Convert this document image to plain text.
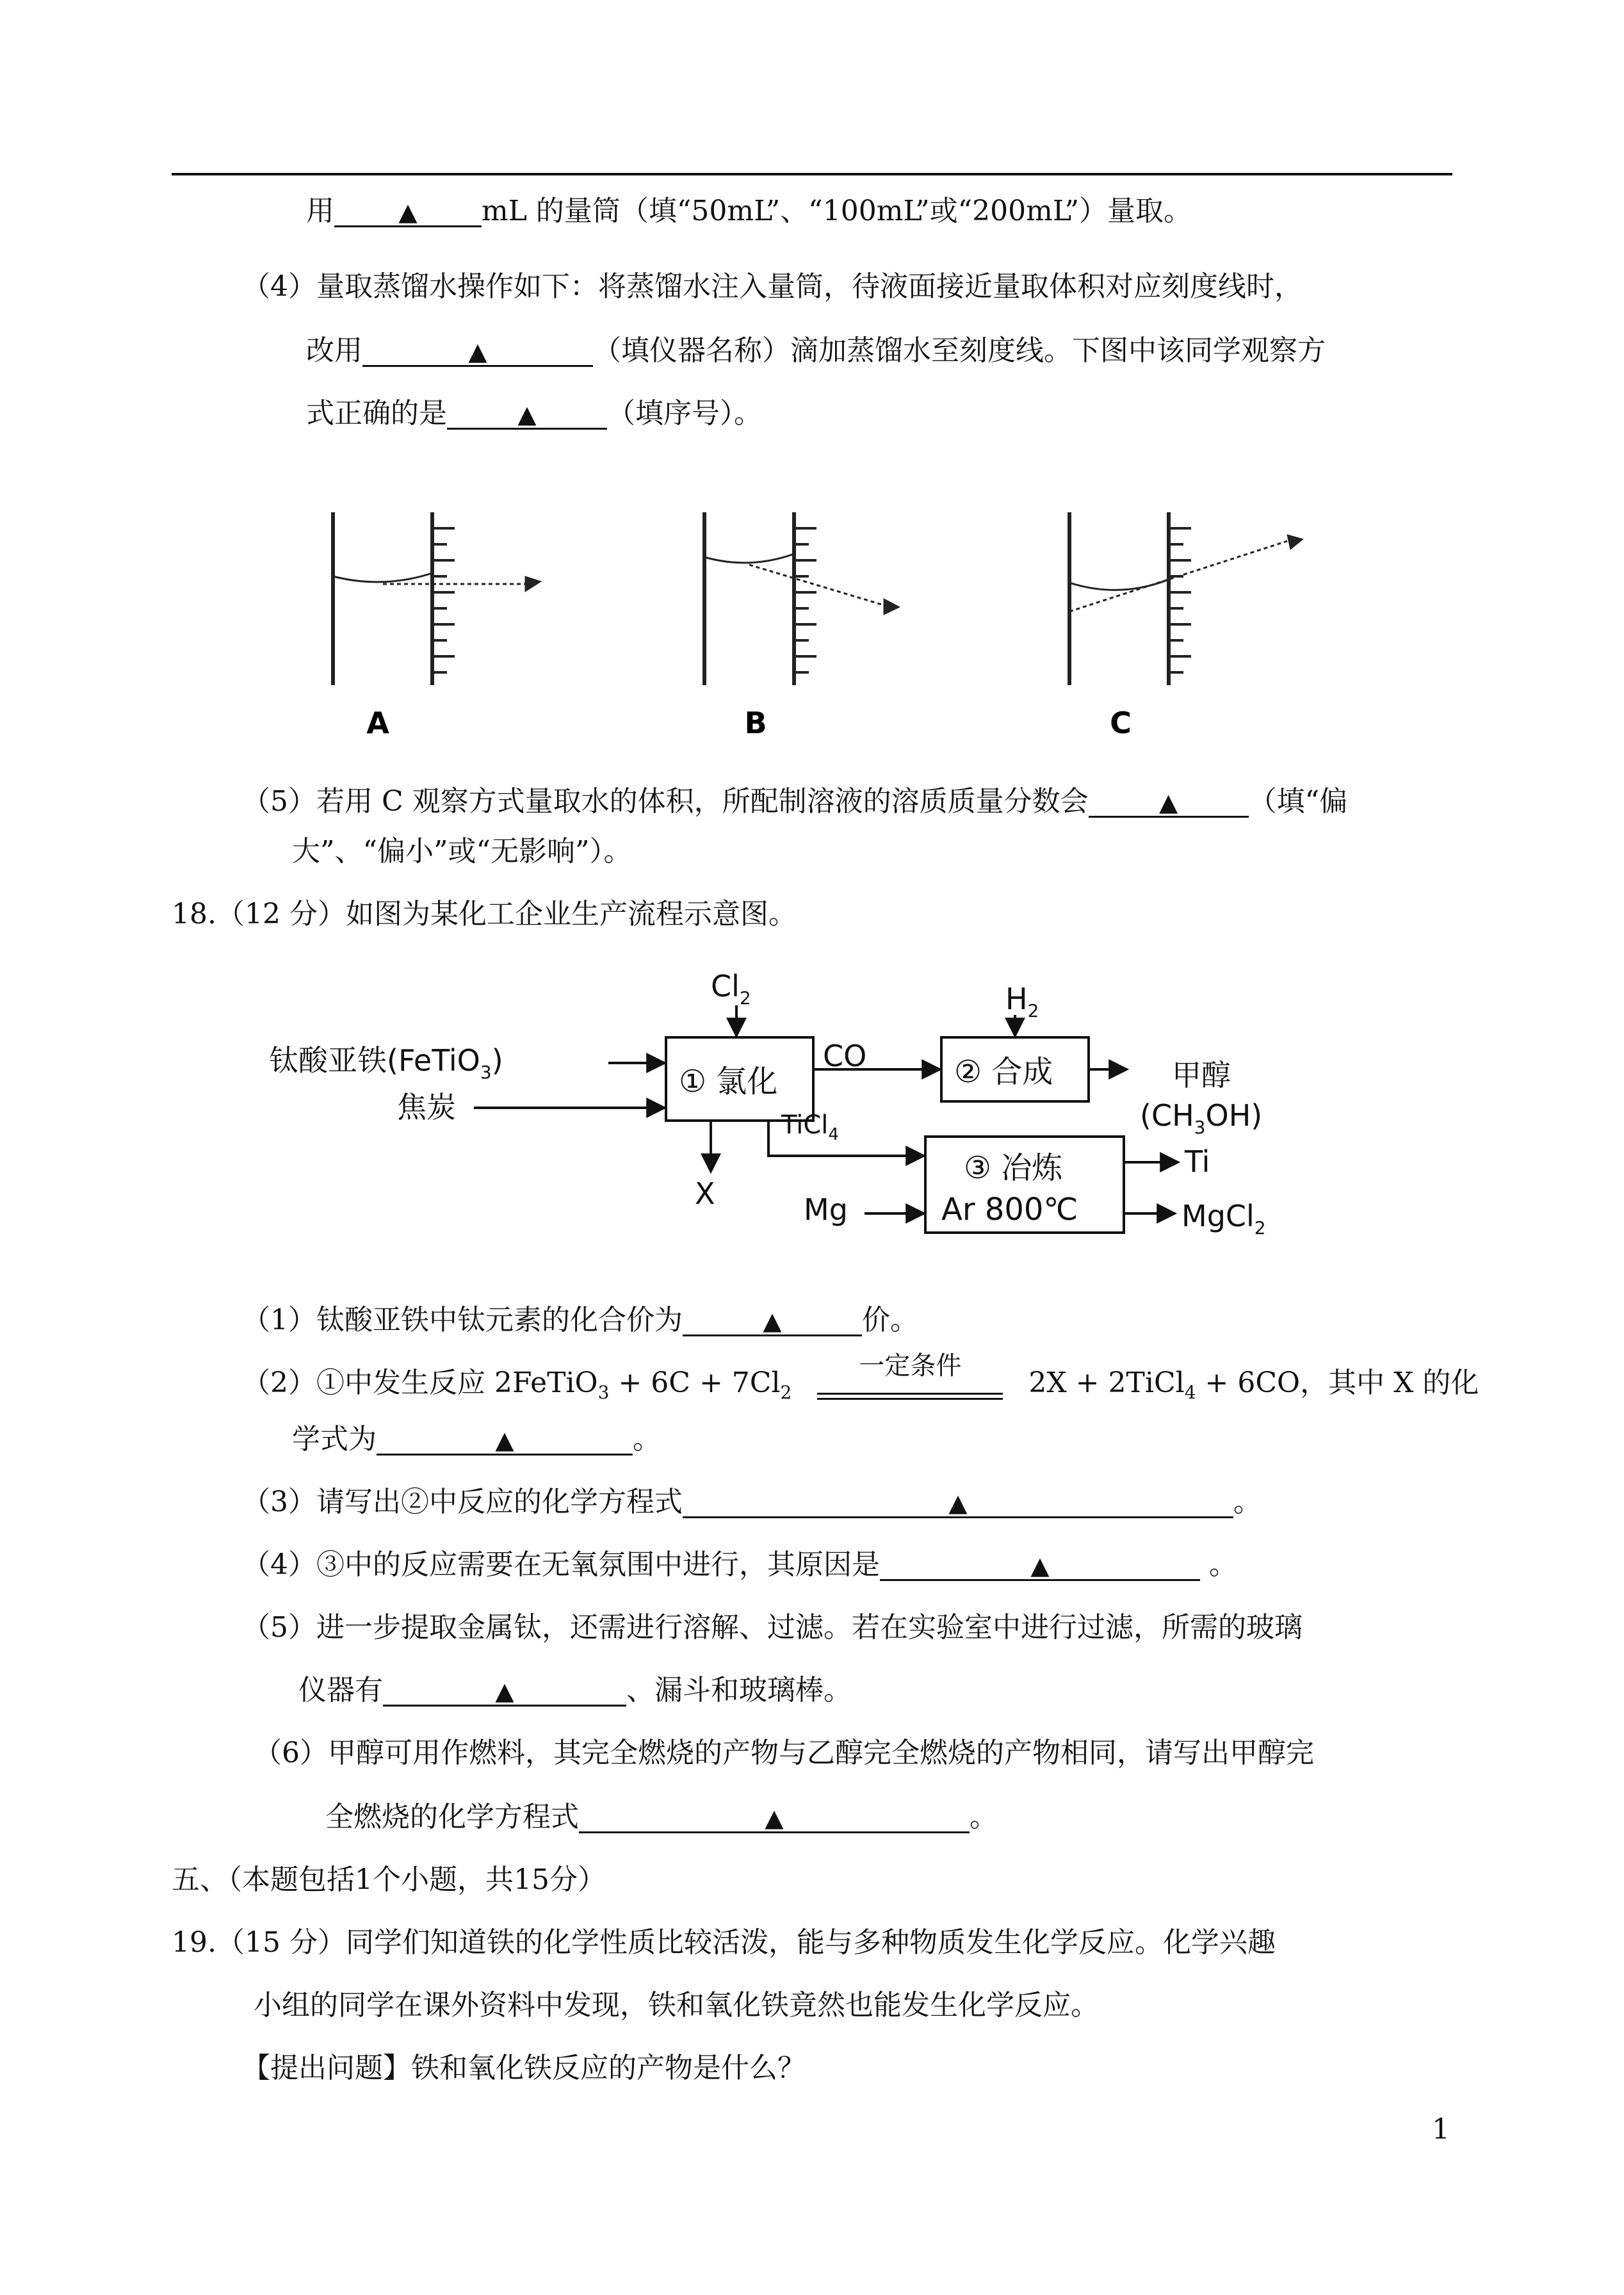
用	▲ mL 的量筒（填“50mL”、“100mL”或“200mL”）量取。
（4）量取蒸馏水操作如下：将蒸馏水注入量筒，待液面接近量取体积对应刻度线时，
改用	▲	（填仪器名称）滴加蒸馏水至刻度线。下图中该同学观察方
式正确的是	▲	（填序号）。
A	B	C
（5）若用 C 观察方式量取水的体积，所配制溶液的溶质质量分数会	▲	（填“偏
大”、“偏小”或“无影响”）。
18.（12 分）如图为某化工企业生产流程示意图。
$Cl_2$	$H_2$
钛酸亚铁(FeTiO$_3$)
焦炭
CO
TiCl$_4$
X	Mg
甲醇
$(CH_3OH)$
Ti
MgCl$_2$
① 氯化	② 合成
③ 冶炼
Ar 800℃
（1）钛酸亚铁中钛元素的化合价为	▲	价。
（2）①中发生反应 2FeTiO$_3$ + $6C + 7Cl_2$
一定条件
2X + 2TiCl$_4$ + 6CO，其中 X 的化
学式为	▲	。
（3）请写出②中反应的化学方程式	▲	。
（4）③中的反应需要在无氧氛围中进行，其原因是	▲	。
（5）进一步提取金属钛，还需进行溶解、过滤。若在实验室中进行过滤，所需的玻璃
仪器有	▲	、漏斗和玻璃棒。
（6）甲醇可用作燃料，其完全燃烧的产物与乙醇完全燃烧的产物相同，请写出甲醇完
全燃烧的化学方程式	▲	。
五、（本题包括1个小题，共15分）
19.（15 分）同学们知道铁的化学性质比较活泼，能与多种物质发生化学反应。化学兴趣
小组的同学在课外资料中发现，铁和氧化铁竟然也能发生化学反应。
【提出问题】铁和氧化铁反应的产物是什么？
1
